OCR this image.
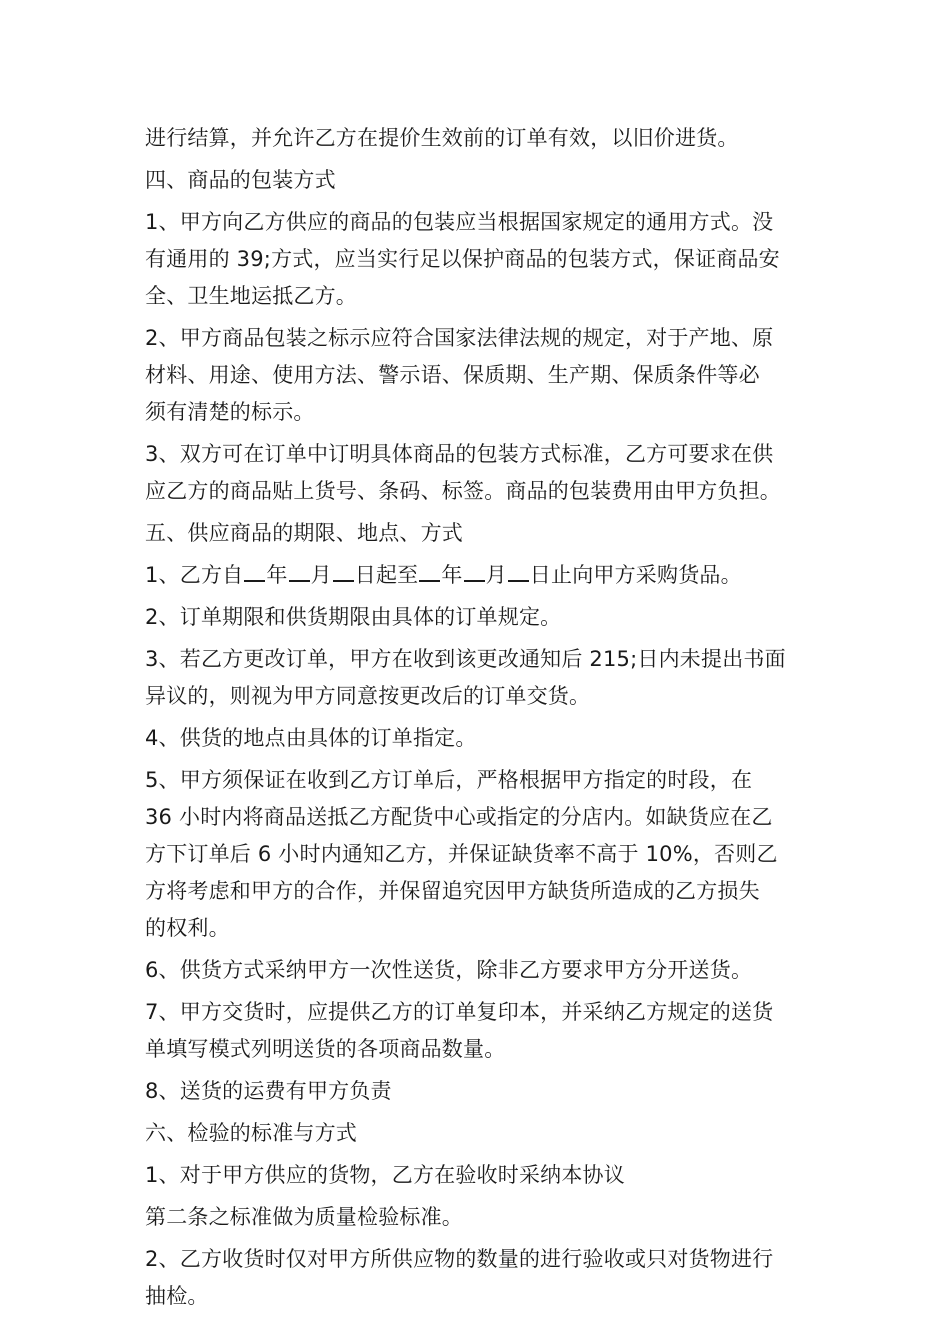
进行结算，并允许乙方在提价生效前的订单有效，以旧价进货。
四、商品的包装方式
1、甲方向乙方供应的商品的包装应当根据国家规定的通用方式。没
有通用的 39;方式，应当实行足以保护商品的包装方式，保证商品安
全、卫生地运抵乙方。
2、甲方商品包装之标示应符合国家法律法规的规定，对于产地、原
材料、用途、使用方法、警示语、保质期、生产期、保质条件等必
须有清楚的标示。
3、双方可在订单中订明具体商品的包装方式标准，乙方可要求在供
应乙方的商品贴上货号、条码、标签。商品的包装费用由甲方负担。
五、供应商品的期限、地点、方式
1、乙方自 年 月 日起至 年 月 日止向甲方采购货品。
2、订单期限和供货期限由具体的订单规定。
3、若乙方更改订单，甲方在收到该更改通知后 215;日内未提出书面
异议的，则视为甲方同意按更改后的订单交货。
4、供货的地点由具体的订单指定。
5、甲方须保证在收到乙方订单后，严格根据甲方指定的时段，在
36 小时内将商品送抵乙方配货中心或指定的分店内。如缺货应在乙
方下订单后 6 小时内通知乙方，并保证缺货率不高于 10%，否则乙
方将考虑和甲方的合作，并保留追究因甲方缺货所造成的乙方损失
的权利。
6、供货方式采纳甲方一次性送货，除非乙方要求甲方分开送货。
7、甲方交货时，应提供乙方的订单复印本，并采纳乙方规定的送货
单填写模式列明送货的各项商品数量。
8、送货的运费有甲方负责
六、检验的标准与方式
1、对于甲方供应的货物，乙方在验收时采纳本协议
第二条之标准做为质量检验标准。
2、乙方收货时仅对甲方所供应物的数量的进行验收或只对货物进行
抽检。
